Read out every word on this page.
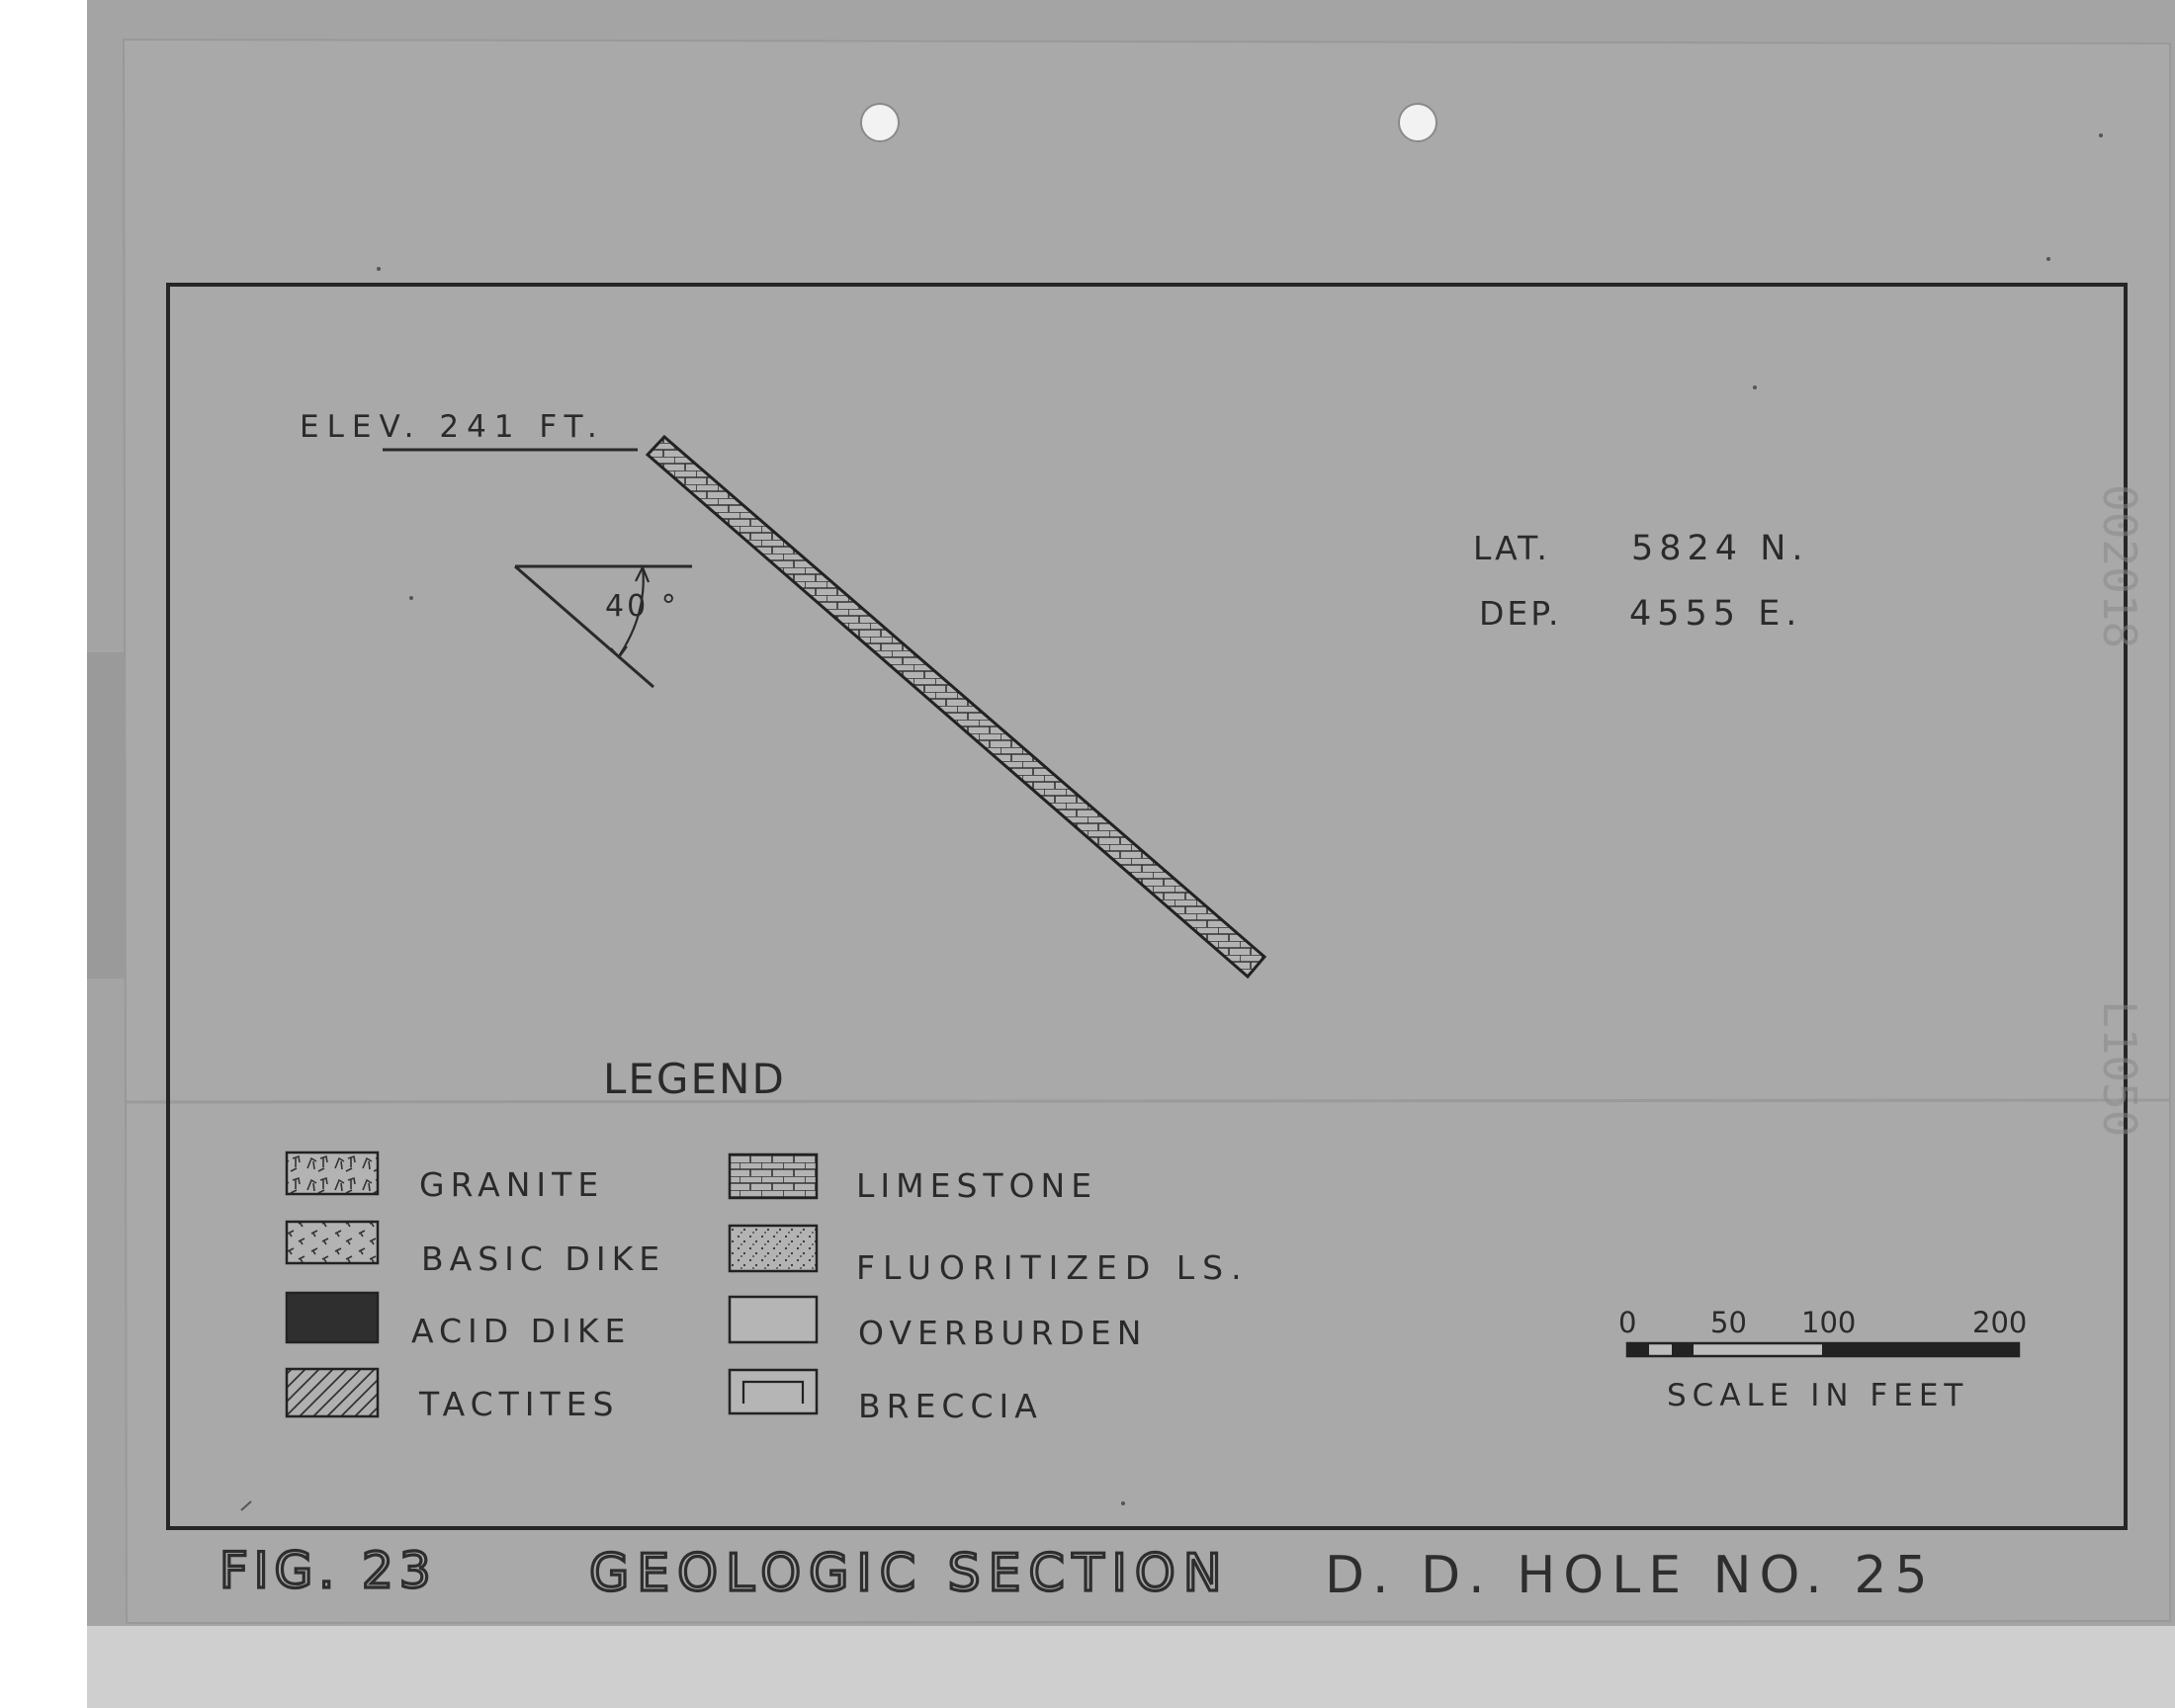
ELEV. 241 FT.
40 °
LAT. 5824 N.
DEP. 4555 E.
LEGEND
GRANITE
BASIC DIKE
ACID DIKE
TACTITES
LIMESTONE
FLUORITIZED LS.
OVERBURDEN
BRECCIA
0	50 100	200
SCALE IN FEET
FIG. 23	GEOLOGIC SECTION D. D. HOLE NO. 25
002018
L1050
